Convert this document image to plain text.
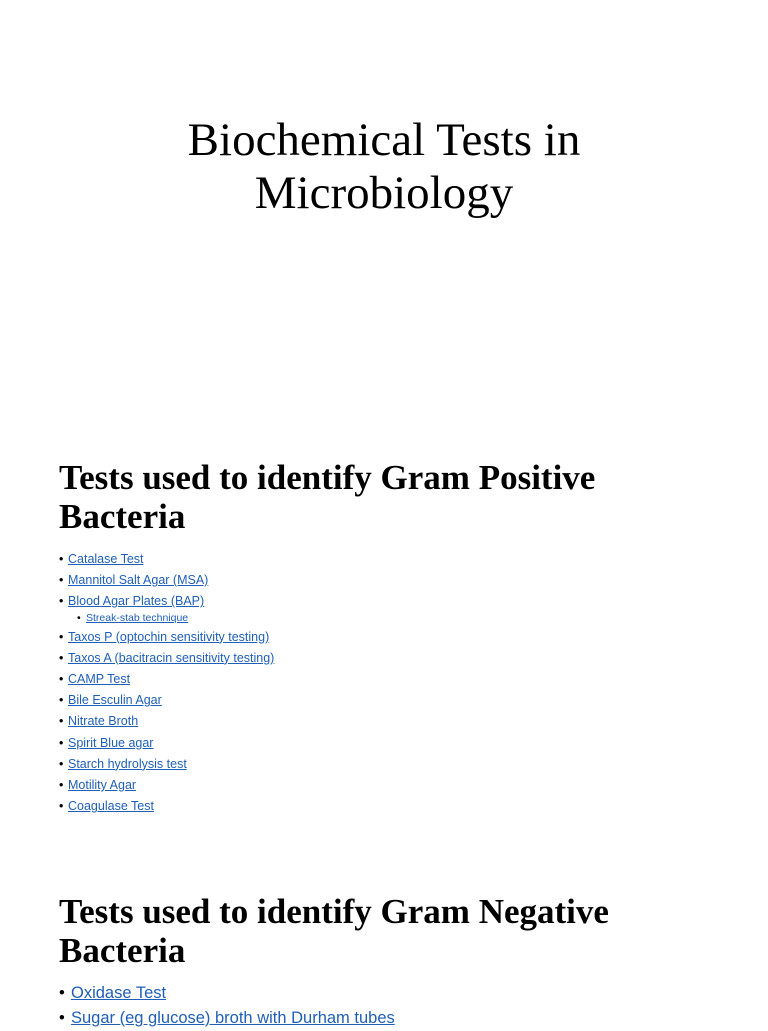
Biochemical Tests in
Microbiology
Tests used to identify Gram Positive
Bacteria
• Catalase Test
• Mannitol Salt Agar (MSA)
• Blood Agar Plates (BAP)
• Streak-stab technique
• Taxos P (optochin sensitivity testing)
• Taxos A (bacitracin sensitivity testing)
• CAMP Test
• Bile Esculin Agar
• Nitrate Broth
• Spirit Blue agar
• Starch hydrolysis test
• Motility Agar
• Coagulase Test
Tests used to identify Gram Negative
Bacteria
• Oxidase Test
• Sugar (eg glucose) broth with Durham tubes
